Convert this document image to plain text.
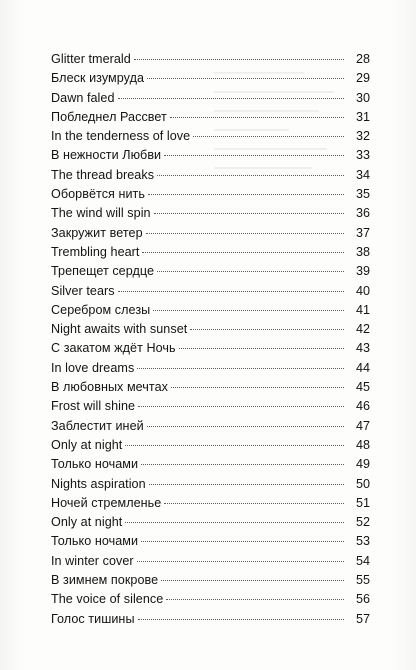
Glitter tmerald	28
Блеск изумруда	29
Dawn faled	30
Побледнел Рассвет	31
In the tenderness of love	32
В нежности Любви	33
The thread breaks	34
Оборвётся нить	35
The wind will spin	36
Закружит ветер	37
Trembling heart	38
Трепещет сердце	39
Silver tears	40
Серебром слезы	41
Night awaits with sunset	42
С закатом ждёт Ночь	43
In love dreams	44
В любовных мечтах	45
Frost will shine	46
Заблестит иней	47
Only at night	48
Только ночами	49
Nights aspiration	50
Ночей стремленье	51
Only at night	52
Только ночами	53
In winter cover	54
В зимнем покрове	55
The voice of silence	56
Голос тишины	57
